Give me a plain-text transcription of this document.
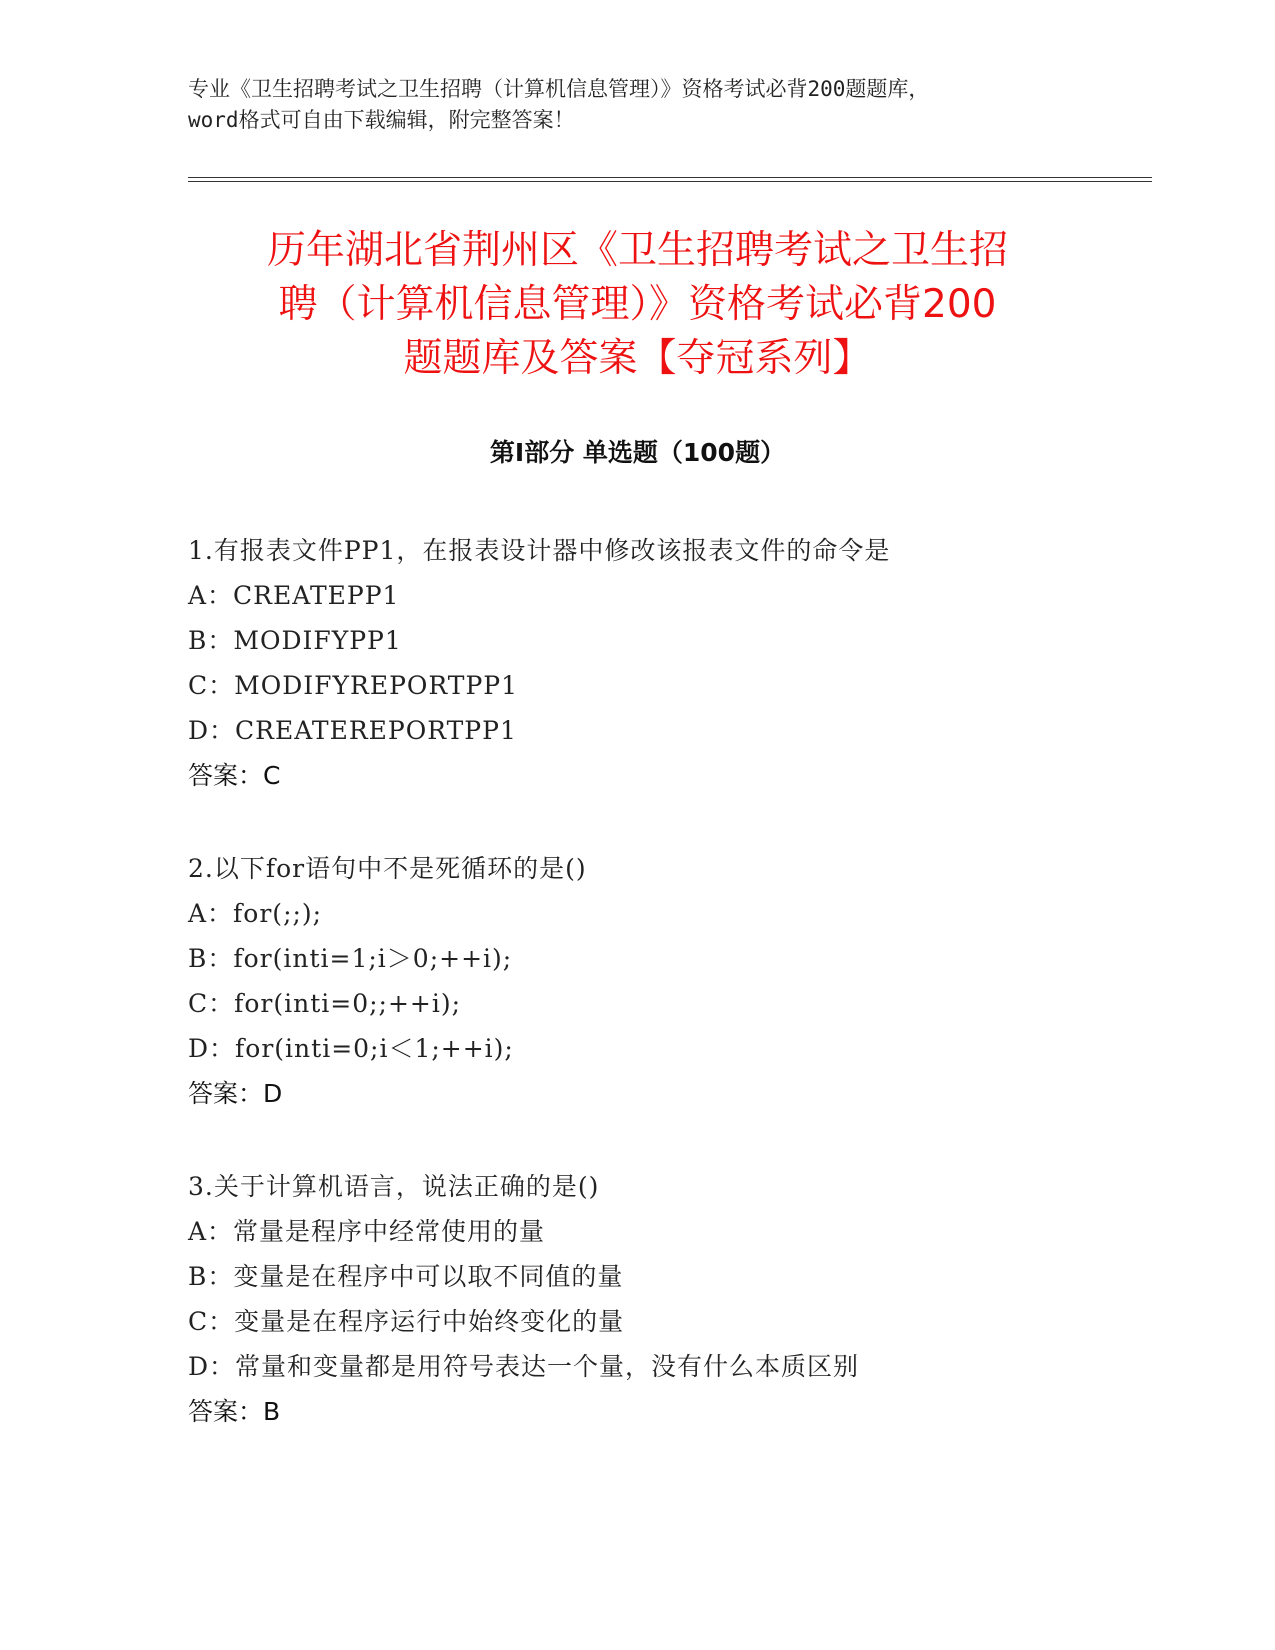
专业《卫生招聘考试之卫生招聘（计算机信息管理）》资格考试必背200题题库，

word格式可自由下载编辑，附完整答案！

历年湖北省荆州区《卫生招聘考试之卫生招
聘（计算机信息管理）》资格考试必背200
题题库及答案【夺冠系列】
第Ⅰ部分 单选题（100题）

1.有报表文件PP1，在报表设计器中修改该报表文件的命令是

A：CREATEPP1

B：MODIFYPP1

C：MODIFYREPORTPP1

D：CREATEREPORTPP1

答案：C

2.以下for语句中不是死循环的是()

A：for(;;);

B：for(inti=1;i＞0;++i);

C：for(inti=0;;++i);

D：for(inti=0;i＜1;++i);

答案：D

3.关于计算机语言，说法正确的是()

A：常量是程序中经常使用的量

B：变量是在程序中可以取不同值的量

C：变量是在程序运行中始终变化的量

D：常量和变量都是用符号表达一个量，没有什么本质区别

答案：B
